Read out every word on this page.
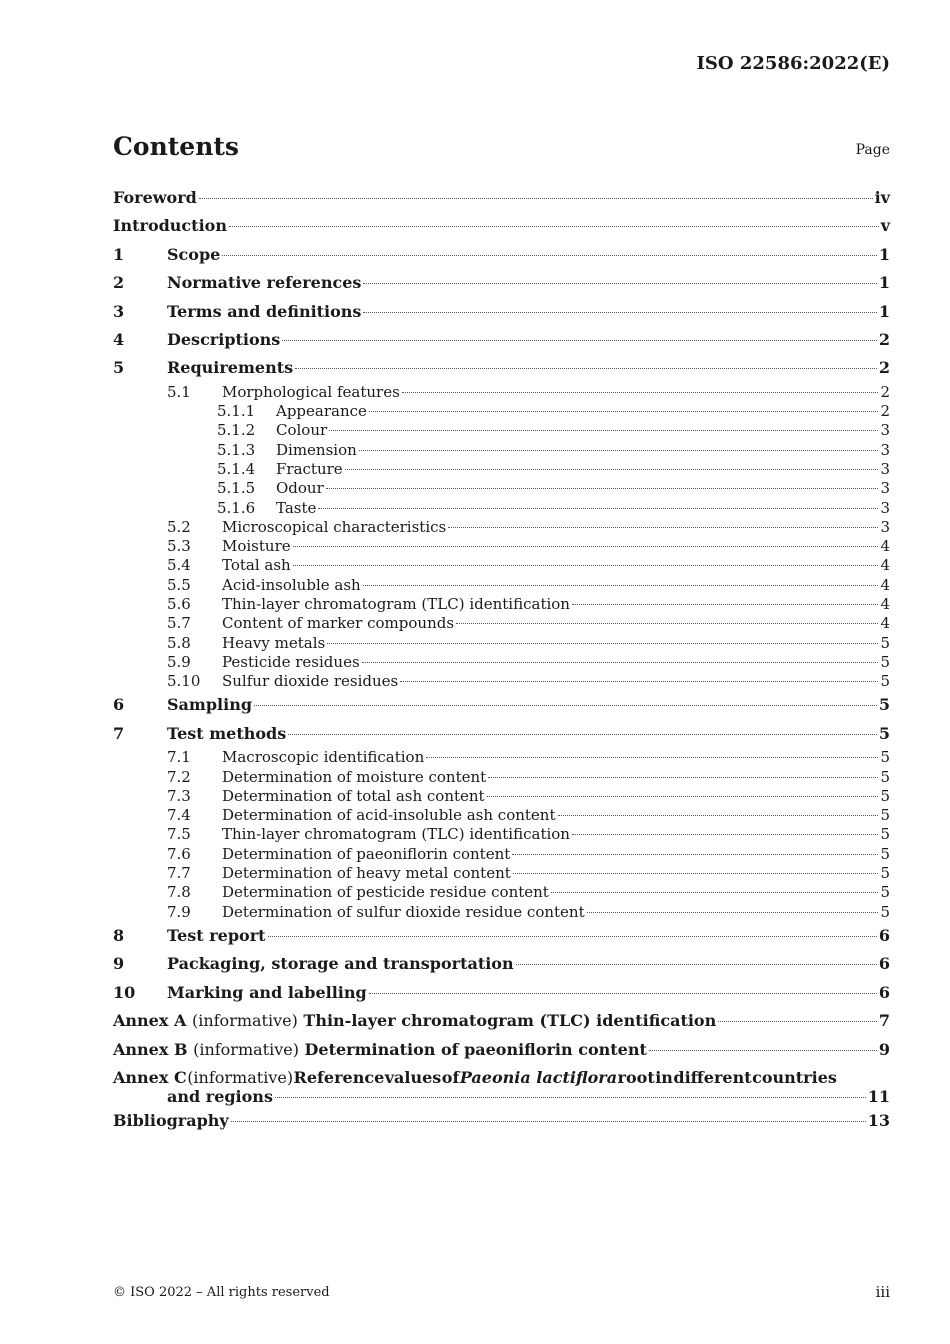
ISO 22586:2022(E)
Contents	Page
Foreword	iv
Introduction	v
1	Scope	1
2	Normative references	1
3	Terms and definitions	1
4	Descriptions	2
5	Requirements	2
5.1	Morphological features	2
5.1.1	Appearance	2
5.1.2	Colour	3
5.1.3	Dimension	3
5.1.4	Fracture	3
5.1.5	Odour	3
5.1.6	Taste	3
5.2	Microscopical characteristics	3
5.3	Moisture	4
5.4	Total ash	4
5.5	Acid-insoluble ash	4
5.6	Thin-layer chromatogram (TLC) identification	4
5.7	Content of marker compounds	4
5.8	Heavy metals	5
5.9	Pesticide residues	5
5.10	Sulfur dioxide residues	5
6	Sampling	5
7	Test methods	5
7.1	Macroscopic identification	5
7.2	Determination of moisture content	5
7.3	Determination of total ash content	5
7.4	Determination of acid-insoluble ash content	5
7.5	Thin-layer chromatogram (TLC) identification	5
7.6	Determination of paeoniflorin content	5
7.7	Determination of heavy metal content	5
7.8	Determination of pesticide residue content	5
7.9	Determination of sulfur dioxide residue content	5
8	Test report	6
9	Packaging, storage and transportation	6
10	Marking and labelling	6
Annex A (informative) Thin-layer chromatogram (TLC) identification	7
Annex B (informative) Determination of paeoniflorin content	9
Annex C (informative) Reference values of Paeonia lactiflora root in different countries
and regions	11
Bibliography	13
© ISO 2022 – All rights reserved	iii
